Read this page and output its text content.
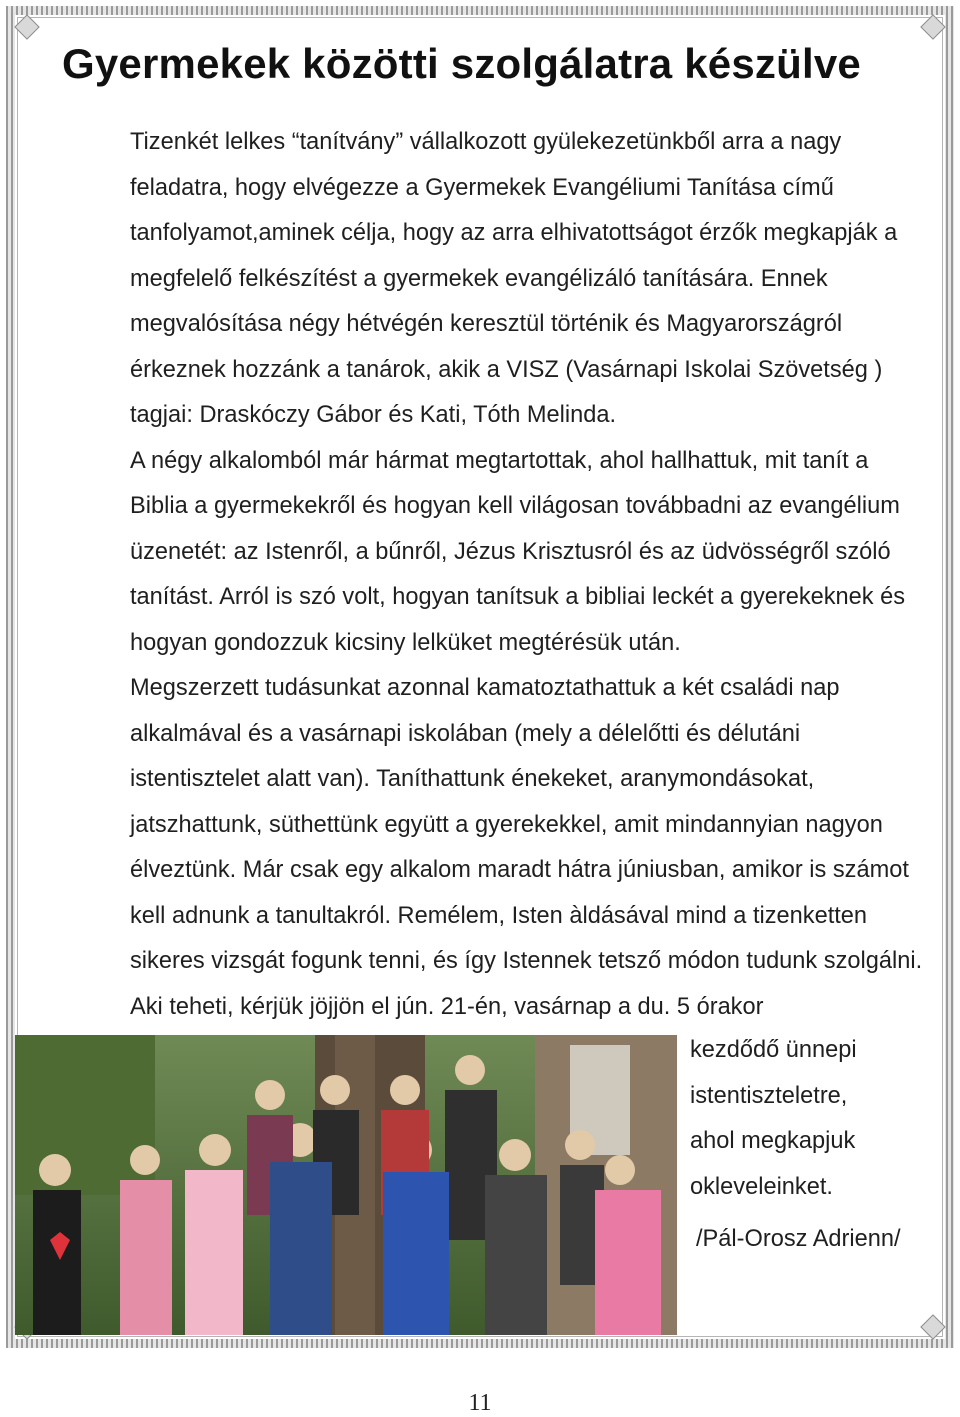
Gyermekek közötti szolgálatra készülve

Tizenkét lelkes “tanítvány” vállalkozott gyülekezetünkből arra a nagy feladatra, hogy elvégezze a Gyermekek Evangéliumi Tanítása című tanfolyamot,aminek célja, hogy az arra elhivatottságot érzők megkapják a megfelelő felkészítést a gyermekek evangélizáló tanítására. Ennek megvalósítása négy hétvégén keresztül történik és Magyarországról érkeznek hozzánk a tanárok, akik a VISZ (Vasárnapi Iskolai Szövetség ) tagjai: Draskóczy Gábor és Kati, Tóth Melinda.

A négy alkalomból már hármat megtartottak, ahol hallhattuk, mit tanít a Biblia a gyermekekről és hogyan kell világosan továbbadni az evangélium üzenetét: az Istenről, a bűnről, Jézus Krisztusról és az üdvösségről szóló tanítást. Arról is szó volt, hogyan tanítsuk a bibliai leckét a gyerekeknek és hogyan gondozzuk kicsiny lelküket megtérésük után.

Megszerzett tudásunkat azonnal kamatoztathattuk a két családi nap alkalmával és a vasárnapi iskolában (mely a délelőtti és délutáni istentisztelet alatt van). Taníthattunk énekeket, aranymondásokat, jatszhattunk, süthettünk együtt a gyerekekkel, amit mindannyian nagyon élveztünk. Már csak egy alkalom maradt hátra júniusban, amikor is számot kell adnunk a tanultakról. Remélem, Isten àldásával mind a tizenketten sikeres vizsgát fogunk tenni, és így Istennek tetsző módon tudunk szolgálni.

Aki teheti, kérjük jöjjön el jún. 21-én, vasárnap a du. 5 órakor

kezdődő ünnepi

istentiszteletre,

ahol megkapjuk

okleveleinket.

/Pál-Orosz Adrienn/
11
